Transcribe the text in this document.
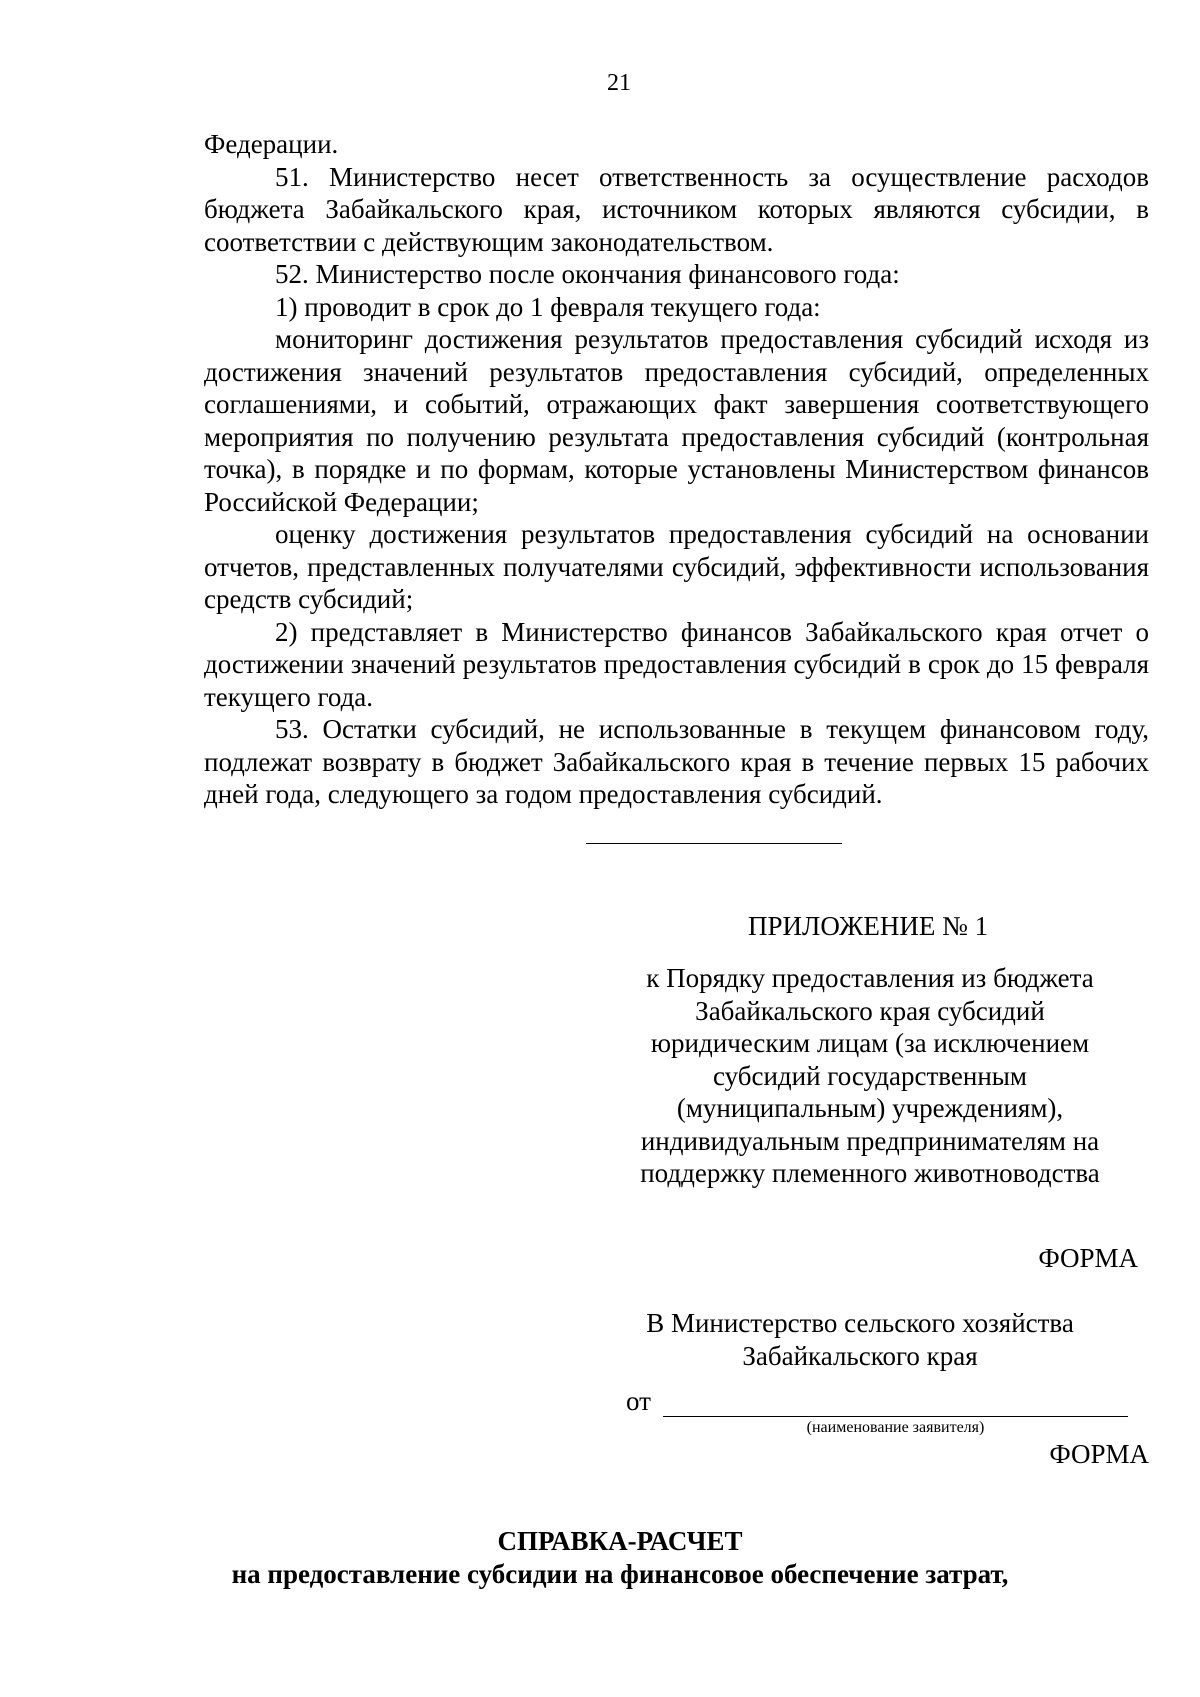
21

Федерации.

51. Министерство несет ответственность за осуществление расходов бюджета Забайкальского края, источником которых являются субсидии, в соответствии с действующим законодательством.

52. Министерство после окончания финансового года:

1) проводит в срок до 1 февраля текущего года:

мониторинг достижения результатов предоставления субсидий исходя из достижения значений результатов предоставления субсидий, определенных соглашениями, и событий, отражающих факт завершения соответствующего мероприятия по получению результата предоставления субсидий (контрольная точка), в порядке и по формам, которые установлены Министерством финансов Российской Федерации;

оценку достижения результатов предоставления субсидий на основании отчетов, представленных получателями субсидий, эффективности использования средств субсидий;

2) представляет в Министерство финансов Забайкальского края отчет о достижении значений результатов предоставления субсидий в срок до 15 февраля текущего года.

53. Остатки субсидий, не использованные в текущем финансовом году, подлежат возврату в бюджет Забайкальского края в течение первых 15 рабочих дней года, следующего за годом предоставления субсидий.

ПРИЛОЖЕНИЕ № 1
к Порядку предоставления из бюджета
Забайкальского края субсидий
юридическим лицам (за исключением
субсидий государственным
(муниципальным) учреждениям),
индивидуальным предпринимателям на
поддержку племенного животноводства
ФОРМА
В Министерство сельского хозяйства
Забайкальского края
от
(наименование заявителя)
ФОРМА
СПРАВКА-РАСЧЕТ
на предоставление субсидии на финансовое обеспечение затрат,
